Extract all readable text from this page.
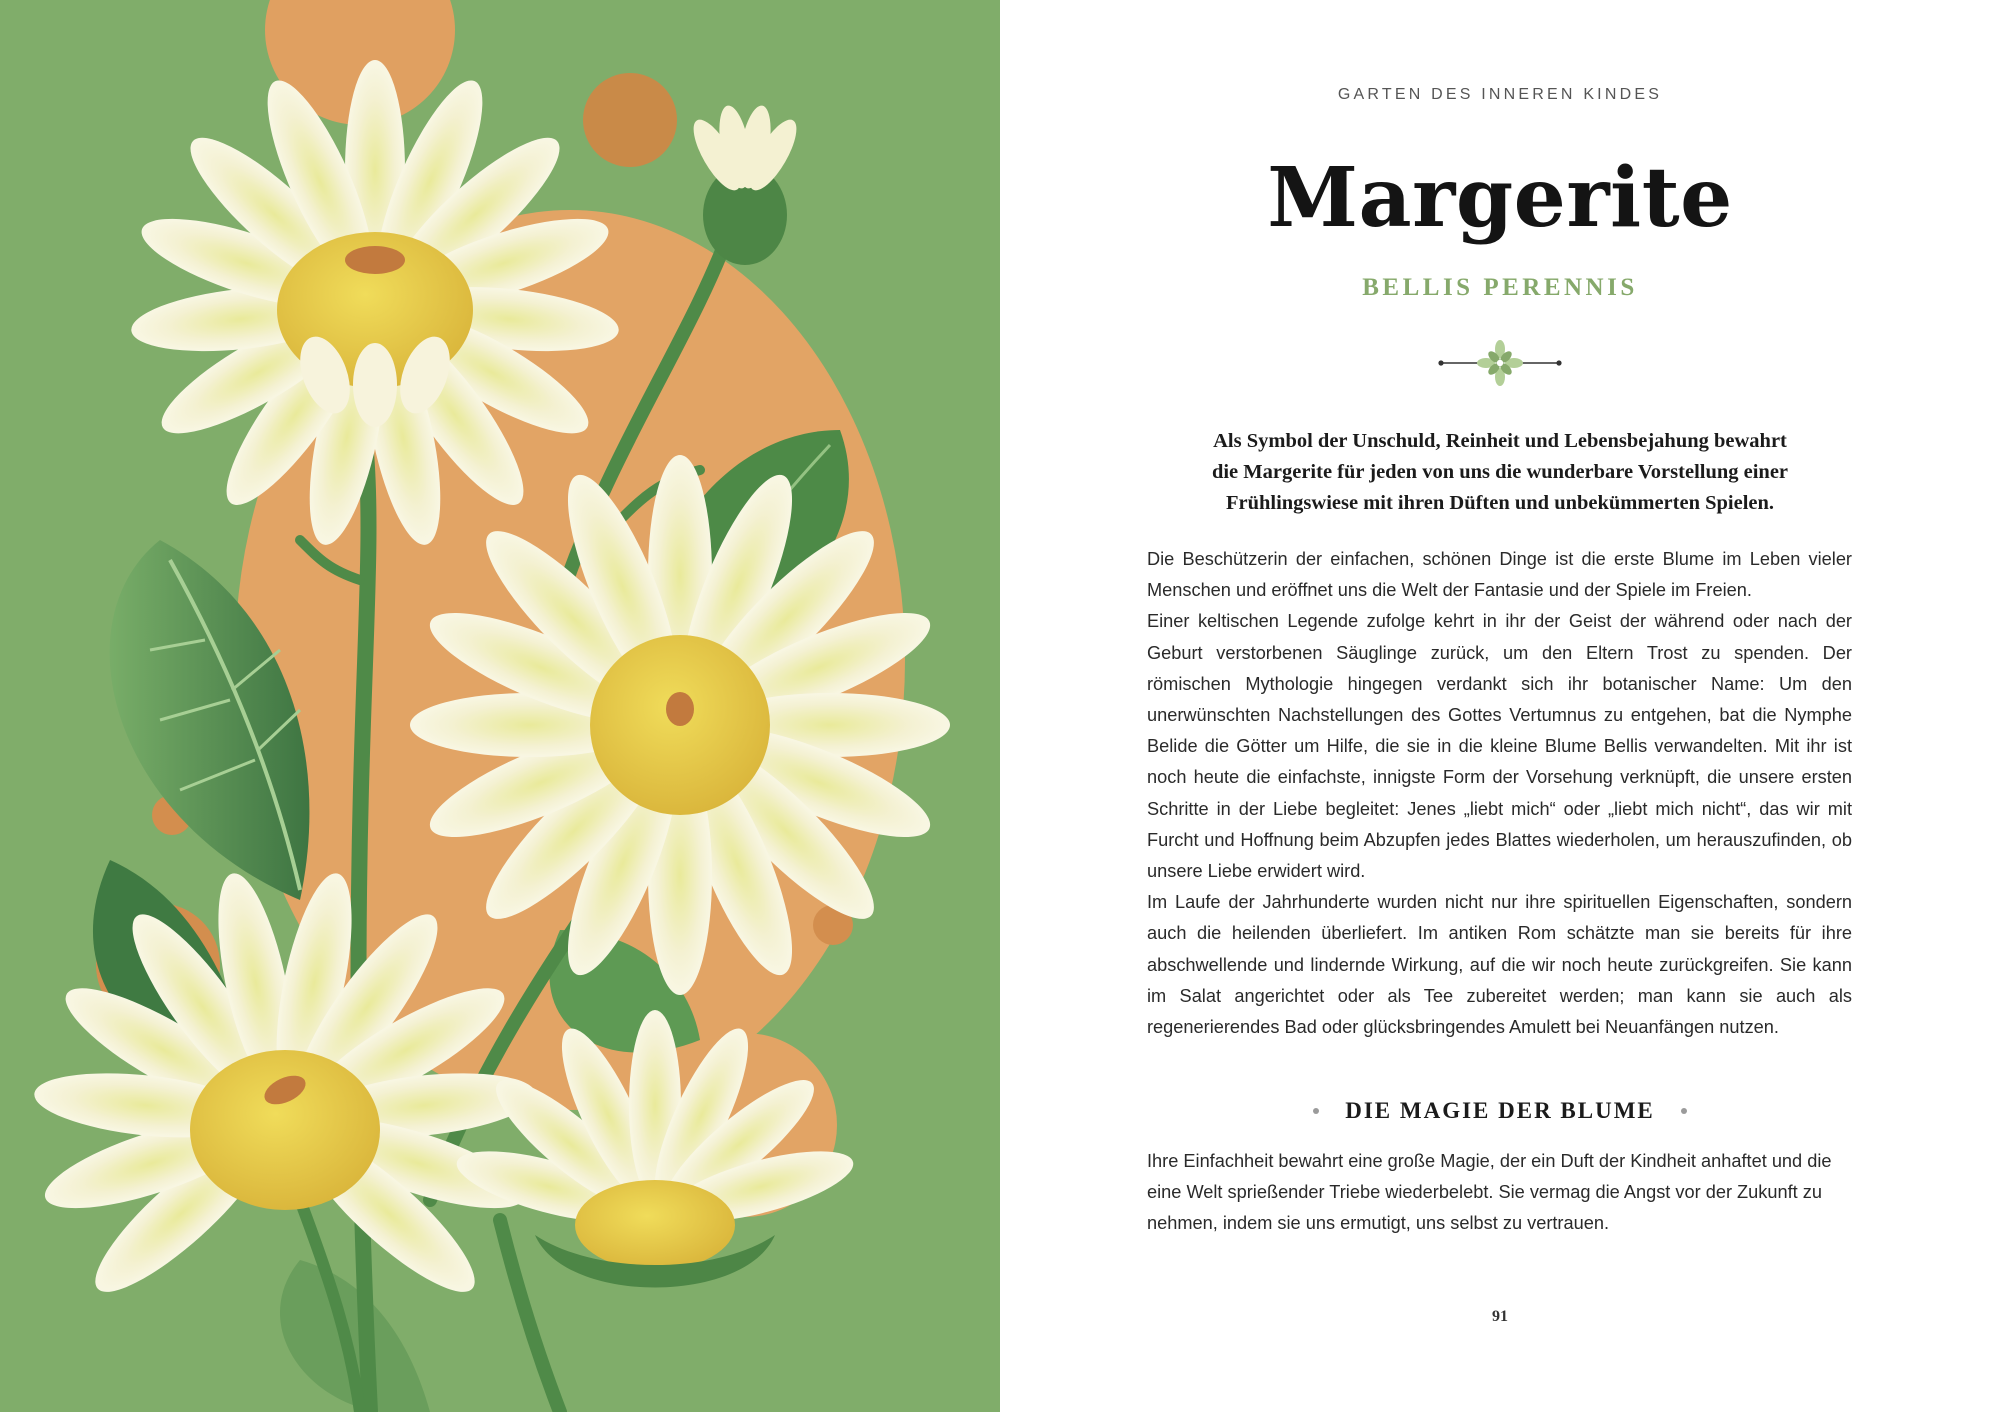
GARTEN DES INNEREN KINDES
Margerite
BELLIS PERENNIS

Als Symbol der Unschuld, Reinheit und Lebensbejahung bewahrt

die Margerite für jeden von uns die wunderbare Vorstellung einer

Frühlingswiese mit ihren Düften und unbekümmerten Spielen.

Die Beschützerin der einfachen, schönen Dinge ist die erste Blume im Leben vieler Menschen und eröffnet uns die Welt der Fantasie und der Spiele im Freien.

Einer keltischen Legende zufolge kehrt in ihr der Geist der während oder nach der Geburt verstorbenen Säuglinge zurück, um den Eltern Trost zu spenden. Der römischen Mythologie hingegen verdankt sich ihr botanischer Name: Um den unerwünschten Nachstellungen des Gottes Vertumnus zu entgehen, bat die Nymphe Belide die Götter um Hilfe, die sie in die kleine Blume Bellis verwandelten. Mit ihr ist noch heute die einfachste, innigste Form der Vorsehung verknüpft, die unsere ersten Schritte in der Liebe begleitet: Jenes „liebt mich“ oder „liebt mich nicht“, das wir mit Furcht und Hoffnung beim Abzupfen jedes Blattes wiederholen, um herauszufinden, ob unsere Liebe erwidert wird.

Im Laufe der Jahrhunderte wurden nicht nur ihre spirituellen Eigenschaften, sondern auch die heilenden überliefert. Im antiken Rom schätzte man sie bereits für ihre abschwellende und lindernde Wirkung, auf die wir noch heute zurückgreifen. Sie kann im Salat angerichtet oder als Tee zubereitet werden; man kann sie auch als regenerierendes Bad oder glücksbringendes Amulett bei Neuanfängen nutzen.

DIE MAGIE DER BLUME

Ihre Einfachheit bewahrt eine große Magie, der ein Duft der Kindheit anhaftet und die eine Welt sprießender Triebe wiederbelebt. Sie vermag die Angst vor der Zukunft zu nehmen, indem sie uns ermutigt, uns selbst zu vertrauen.

91
